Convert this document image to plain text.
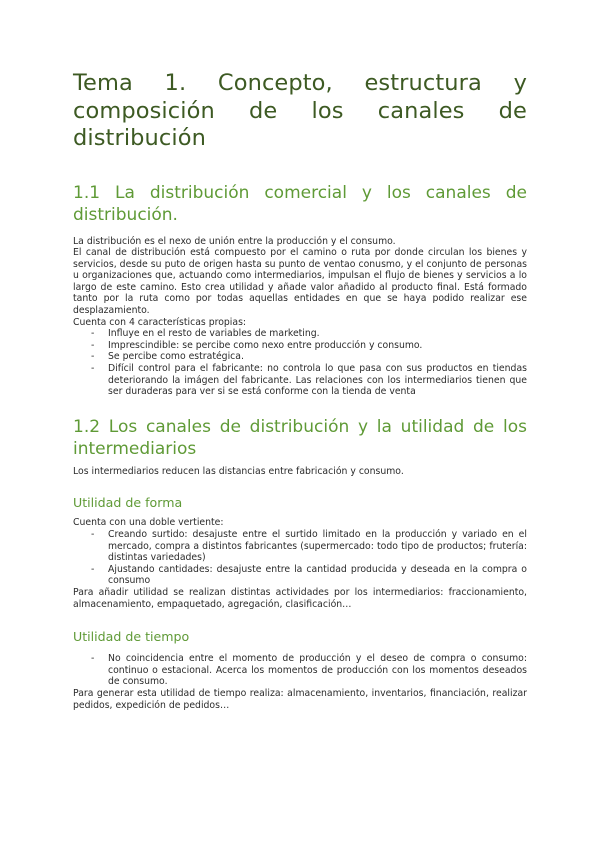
Tema 1. Concepto, estructura y composición de los canales de distribución
1.1 La distribución comercial y los canales de distribución.

La distribución es el nexo de unión entre la producción y el consumo.

El canal de distribución está compuesto por el camino o ruta por donde circulan los bienes y servicios, desde su puto de origen hasta su punto de ventao conusmo, y el conjunto de personas u organizaciones que, actuando como intermediarios, impulsan el flujo de bienes y servicios a lo largo de este camino. Esto crea utilidad y añade valor añadido al producto final. Está formado tanto por la ruta como por todas aquellas entidades en que se haya podido realizar ese desplazamiento.

Cuenta con 4 características propias:

- Influye en el resto de variables de marketing.
- Imprescindible: se percibe como nexo entre producción y consumo.
- Se percibe como estratégica.
- Difícil control para el fabricante: no controla lo que pasa con sus productos en tiendas deteriorando la imágen del fabricante. Las relaciones con los intermediarios tienen que ser duraderas para ver si se está conforme con la tienda de venta
1.2 Los canales de distribución y la utilidad de los intermediarios

Los intermediarios reducen las distancias entre fabricación y consumo.

Utilidad de forma

Cuenta con una doble vertiente:

- Creando surtido: desajuste entre el surtido limitado en la producción y variado en el mercado, compra a distintos fabricantes (supermercado: todo tipo de productos; frutería: distintas variedades)
- Ajustando cantidades: desajuste entre la cantidad producida y deseada en la compra o consumo

Para añadir utilidad se realizan distintas actividades por los intermediarios: fraccionamiento, almacenamiento, empaquetado, agregación, clasificación…

Utilidad de tiempo
- No coincidencia entre el momento de producción y el deseo de compra o consumo: continuo o estacional. Acerca los momentos de producción con los momentos deseados de consumo.

Para generar esta utilidad de tiempo realiza: almacenamiento, inventarios, financiación, realizar pedidos, expedición de pedidos…
